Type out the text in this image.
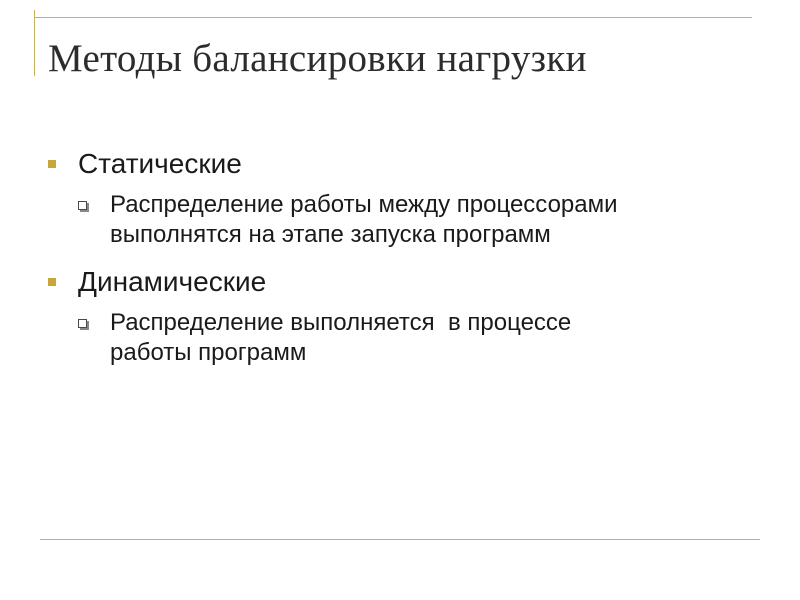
Методы балансировки нагрузки
Статические
Распределение работы между процессорами
выполнятся на этапе запуска программ
Динамические
Распределение выполняется  в процессе
работы программ
